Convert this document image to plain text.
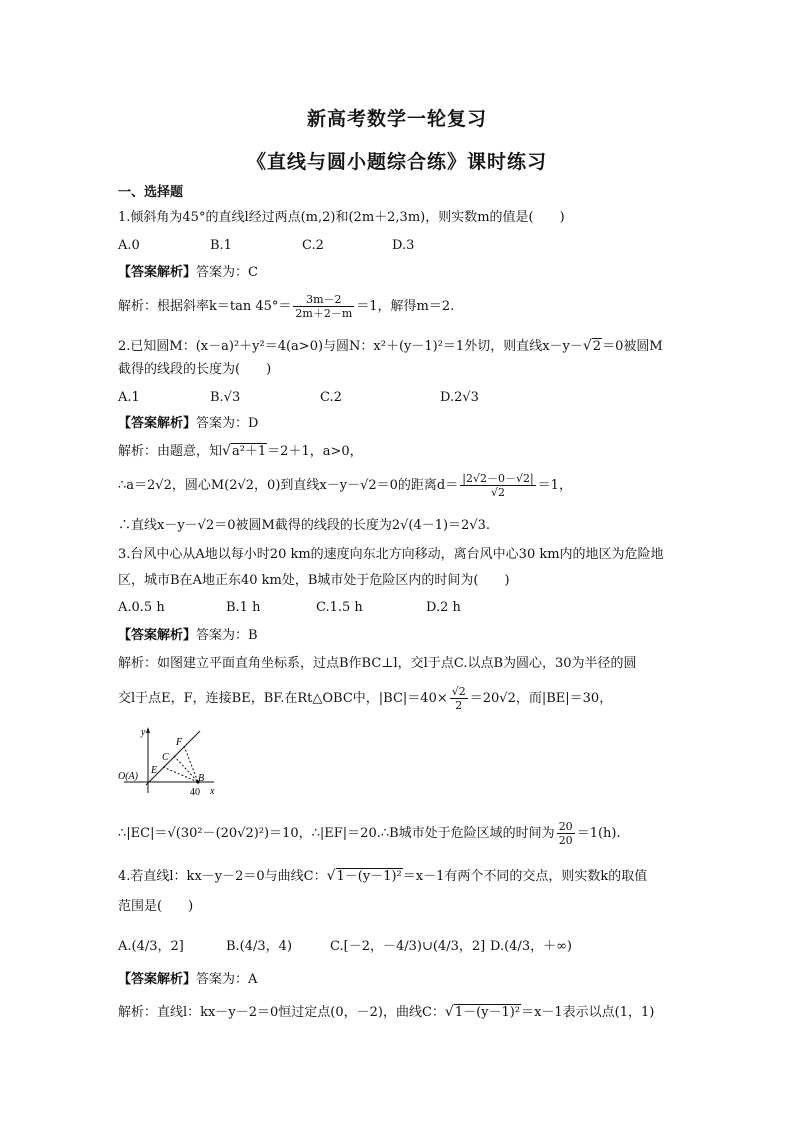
新高考数学一轮复习
《直线与圆小题综合练》课时练习
一、选择题
1.倾斜角为45°的直线l经过两点(m,2)和(2m＋2,3m)，则实数m的值是(　　)
A.0	B.1	C.2	D.3
【答案解析】答案为：C
解析：根据斜率k＝tan $45^\circ= \frac{3m-2}{2m+2-m} =1$，解得m＝2.
2.已知圆M：(x－a)²＋y²＝4(a>0)与圆N：x²＋(y－1)²＝1外切，则直线x－y－√2＝0被圆M
截得的线段的长度为(　　)
A.1	B.√3	C.2	D.2√3
【答案解析】答案为：D
解析：由题意，知√a²＋1＝2＋1，a>0，
∴a＝2√2，圆心M(2√2，0)到直线x－y－√2＝0的距离$d= \frac{|2√2-0-√2|}{√2} =1$，
∴直线x－y－√2＝0被圆M截得的线段的长度为2√(4－1)＝2√3.
3.台风中心从A地以每小时20 km的速度向东北方向移动，离台风中心30 km内的地区为危险地
区，城市B在A地正东40 km处，B城市处于危险区内的时间为(　　)
A.0.5 h	B.1 h	C.1.5 h	D.2 h
【答案解析】答案为：B
解析：如图建立平面直角坐标系，过点B作BC⊥l，交l于点C.以点B为圆心，30为半径的圆
交l于点E，F，连接BE，BF.在Rt△OBC中，$|BC|=40\times \frac{√2}{2} =20√2$，而|BE|＝30，
y
x
O(A)
E
C
F
B
40
∴|EC|＝√(30²－(20√2)²)＝10，∴|EF|＝20.∴B城市处于危险区域的时间为 $\frac{20}{20} =1(h)$.
4.若直线l：kx－y－2＝0与曲线C：√1－(y－1)²＝x－1有两个不同的交点，则实数k的取值
范围是(　　)
A.(4/3，2]	B.(4/3，4)	C.[－2，－4/3)∪(4/3，2] D.(4/3，＋∞)
【答案解析】答案为：A
解析：直线l：kx－y－2＝0恒过定点(0，－2)，曲线C：√1－(y－1)²＝x－1表示以点(1，1)
